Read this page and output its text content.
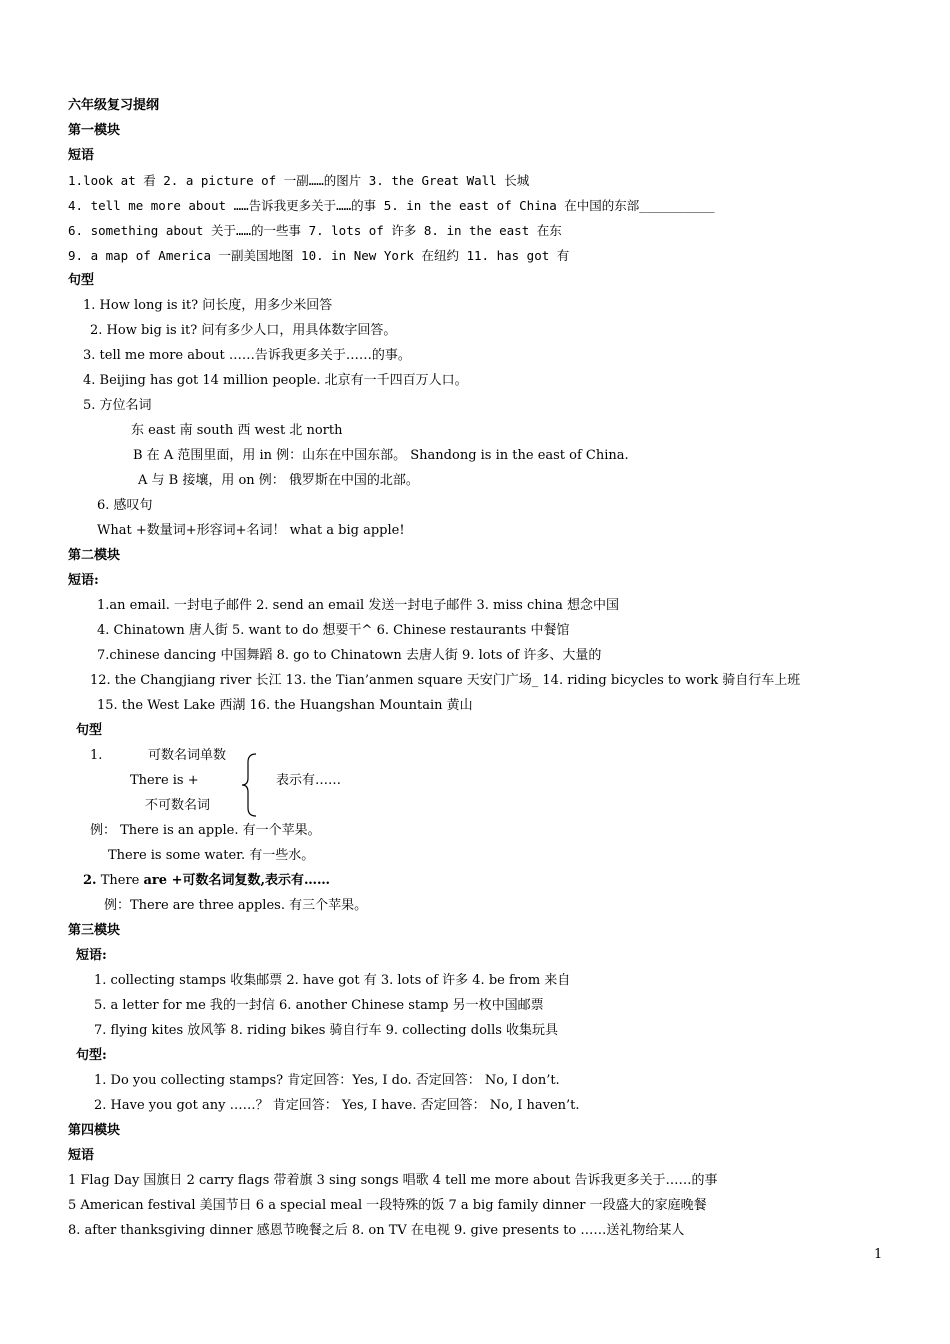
六年级复习提纲
第一模块
短语
1.look at 看 2. a picture of 一副……的图片 3. the Great Wall 长城
4. tell me more about ……告诉我更多关于……的事 5. in the east of China 在中国的东部__________
6. something about 关于……的一些事 7. lots of 许多 8. in the east 在东
9. a map of America 一副美国地图 10. in New York 在纽约 11. has got 有
句型
1. How long is it? 问长度，用多少米回答
2. How big is it? 问有多少人口，用具体数字回答。
3. tell me more about ……告诉我更多关于……的事。
4. Beijing has got 14 million people. 北京有一千四百万人口。
5. 方位名词
东 east 南 south 西 west 北 north
B 在 A 范围里面，用 in 例：山东在中国东部。 Shandong is in the east of China.
A 与 B 接壤，用 on 例： 俄罗斯在中国的北部。
6. 感叹句
What +数量词+形容词+名词！ what a big apple!
第二模块
短语:
1.an email. 一封电子邮件 2. send an email 发送一封电子邮件 3. miss china 想念中国
4. Chinatown 唐人街 5. want to do 想要干^ 6. Chinese restaurants 中餐馆
7.chinese dancing 中国舞蹈 8. go to Chinatown 去唐人街 9. lots of 许多、大量的
12. the Changjiang river 长江 13. the Tian’anmen square 天安门广场_ 14. riding bicycles to work 骑自行车上班
15. the West Lake 西湖 16. the Huangshan Mountain 黄山
句型
1.	可数名词单数
There is +
不可数名词
表示有……
例： There is an apple. 有一个苹果。
There is some water. 有一些水。
2. There are +可数名词复数,表示有……
例：There are three apples. 有三个苹果。
第三模块
短语:
1. collecting stamps 收集邮票 2. have got 有 3. lots of 许多 4. be from 来自
5. a letter for me 我的一封信 6. another Chinese stamp 另一枚中国邮票
7. flying kites 放风筝 8. riding bikes 骑自行车 9. collecting dolls 收集玩具
句型:
1. Do you collecting stamps? 肯定回答：Yes, I do. 否定回答： No, I don’t.
2. Have you got any ……？ 肯定回答： Yes, I have. 否定回答： No, I haven’t.
第四模块
短语
1 Flag Day 国旗日 2 carry flags 带着旗 3 sing songs 唱歌 4 tell me more about 告诉我更多关于……的事
5 American festival 美国节日 6 a special meal 一段特殊的饭 7 a big family dinner 一段盛大的家庭晚餐
8. after thanksgiving dinner 感恩节晚餐之后 8. on TV 在电视 9. give presents to ……送礼物给某人
1
